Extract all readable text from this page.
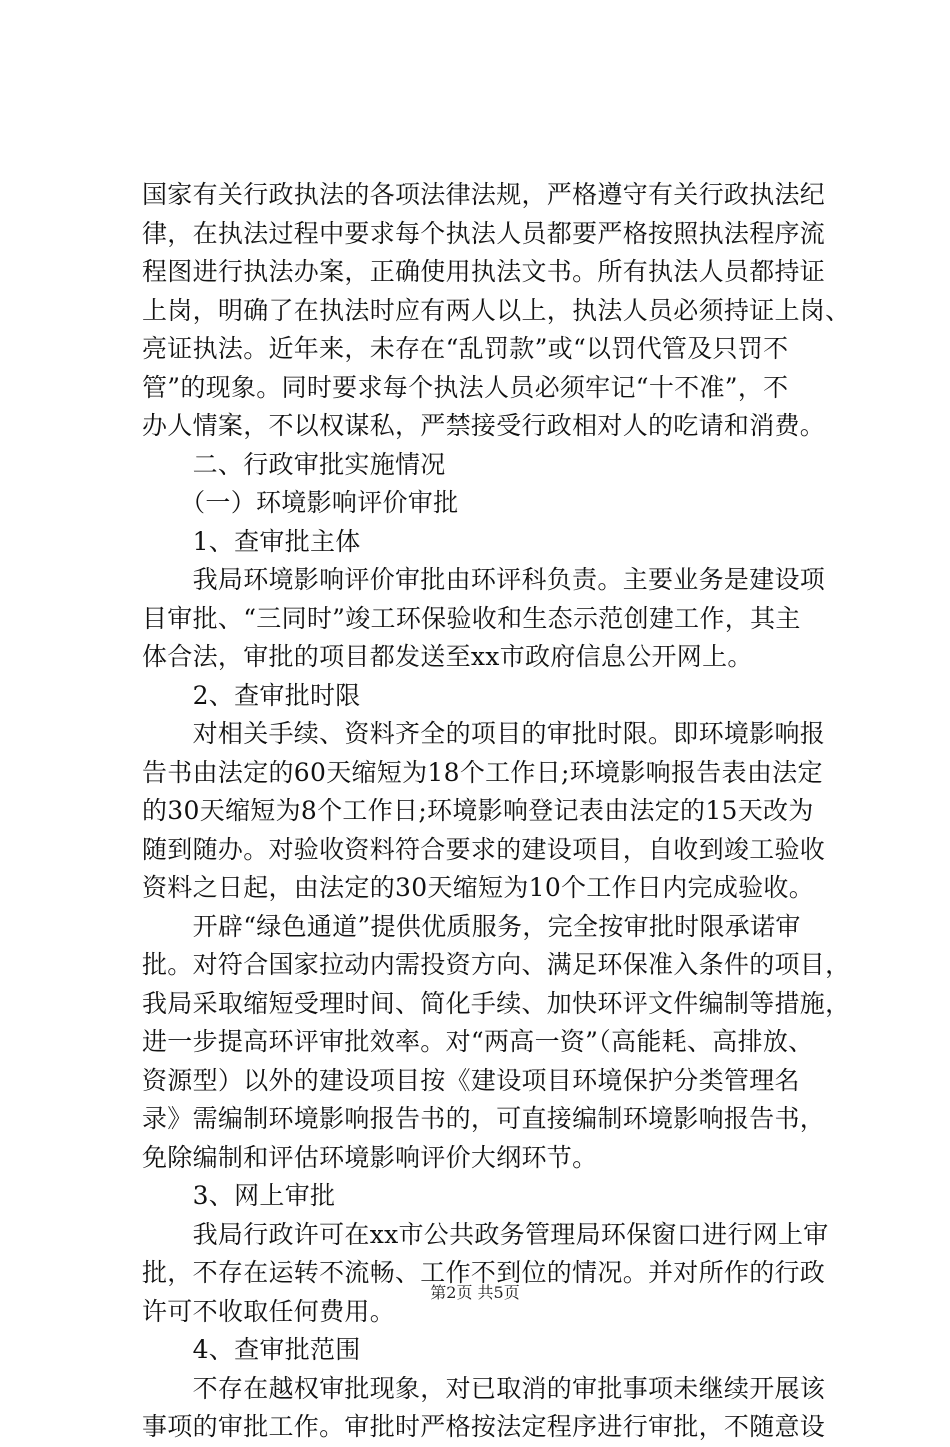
国家有关行政执法的各项法律法规，严格遵守有关行政执法纪
律，在执法过程中要求每个执法人员都要严格按照执法程序流
程图进行执法办案，正确使用执法文书。所有执法人员都持证
上岗，明确了在执法时应有两人以上，执法人员必须持证上岗、
亮证执法。近年来，未存在“乱罚款”或“以罚代管及只罚不
管”的现象。同时要求每个执法人员必须牢记“十不准”，不
办人情案，不以权谋私，严禁接受行政相对人的吃请和消费。
　　二、行政审批实施情况
　　（一）环境影响评价审批
　　1、查审批主体
　　我局环境影响评价审批由环评科负责。主要业务是建设项
目审批、“三同时”竣工环保验收和生态示范创建工作，其主
体合法，审批的项目都发送至xx市政府信息公开网上。
　　2、查审批时限
　　对相关手续、资料齐全的项目的审批时限。即环境影响报
告书由法定的60天缩短为18个工作日;环境影响报告表由法定
的30天缩短为8个工作日;环境影响登记表由法定的15天改为
随到随办。对验收资料符合要求的建设项目，自收到竣工验收
资料之日起，由法定的30天缩短为10个工作日内完成验收。
　　开辟“绿色通道”提供优质服务，完全按审批时限承诺审
批。对符合国家拉动内需投资方向、满足环保准入条件的项目，
我局采取缩短受理时间、简化手续、加快环评文件编制等措施，
进一步提高环评审批效率。对“两高一资”（高能耗、高排放、
资源型）以外的建设项目按《建设项目环境保护分类管理名
录》需编制环境影响报告书的，可直接编制环境影响报告书，
免除编制和评估环境影响评价大纲环节。
　　3、网上审批
　　我局行政许可在xx市公共政务管理局环保窗口进行网上审
批，不存在运转不流畅、工作不到位的情况。并对所作的行政
许可不收取任何费用。
　　4、查审批范围
　　不存在越权审批现象，对已取消的审批事项未继续开展该
事项的审批工作。审批时严格按法定程序进行审批，不随意设
第2页 共5页
